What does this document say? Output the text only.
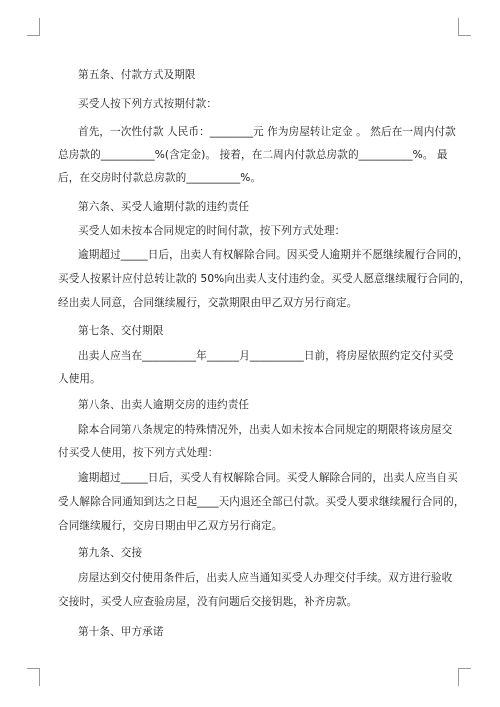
第五条、付款方式及期限
买受人按下列方式按期付款：
首先，一次性付款 人民币：________元 作为房屋转让定金 。 然后在一周内付款
总房款的__________%(含定金)。 接着，在二周内付款总房款的__________%。 最
后，在交房时付款总房款的__________%。
第六条、买受人逾期付款的违约责任
买受人如未按本合同规定的时间付款，按下列方式处理：
逾期超过_____日后，出卖人有权解除合同。因买受人逾期并不愿继续履行合同的，
买受人按累计应付总转让款的 50%向出卖人支付违约金。买受人愿意继续履行合同的，
经出卖人同意，合同继续履行，交款期限由甲乙双方另行商定。
第七条、交付期限
出卖人应当在__________年______月__________日前，将房屋依照约定交付买受
人使用。
第八条、出卖人逾期交房的违约责任
除本合同第八条规定的特殊情况外，出卖人如未按本合同规定的期限将该房屋交
付买受人使用，按下列方式处理：
逾期超过_____日后，买受人有权解除合同。买受人解除合同的，出卖人应当自买
受人解除合同通知到达之日起____天内退还全部已付款。买受人要求继续履行合同的，
合同继续履行，交房日期由甲乙双方另行商定。
第九条、交接
房屋达到交付使用条件后，出卖人应当通知买受人办理交付手续。双方进行验收
交接时，买受人应查验房屋，没有问题后交接钥匙，补齐房款。
第十条、甲方承诺
